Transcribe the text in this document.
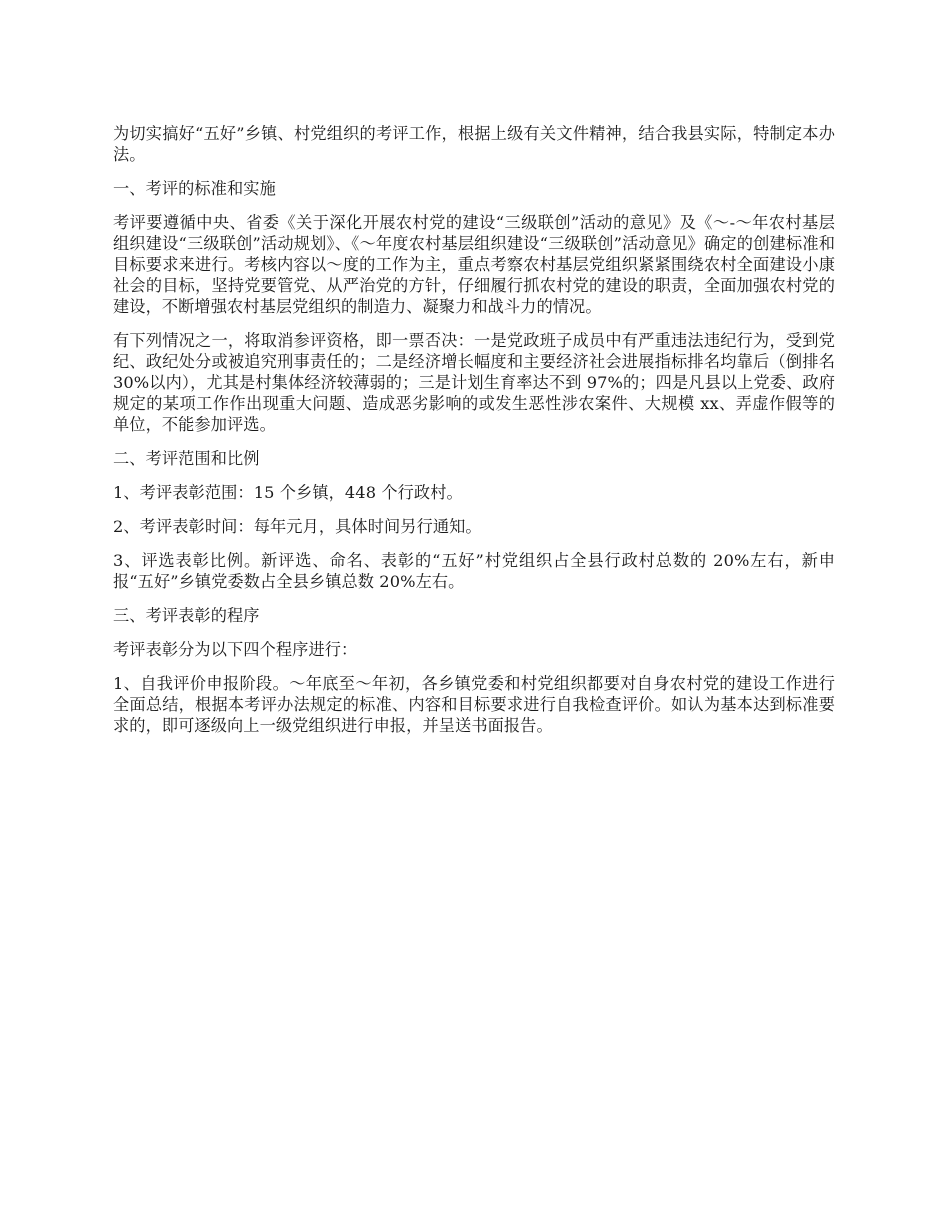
为切实搞好“五好”乡镇、村党组织的考评工作，根据上级有关文件精神，结合我县实际，特制定本办法。

一、考评的标准和实施

考评要遵循中央、省委《关于深化开展农村党的建设“三级联创”活动的意见》及《～-～年农村基层组织建设“三级联创”活动规划》、《～年度农村基层组织建设“三级联创”活动意见》确定的创建标准和目标要求来进行。考核内容以～度的工作为主，重点考察农村基层党组织紧紧围绕农村全面建设小康社会的目标，坚持党要管党、从严治党的方针，仔细履行抓农村党的建设的职责，全面加强农村党的建设，不断增强农村基层党组织的制造力、凝聚力和战斗力的情况。

有下列情况之一，将取消参评资格，即一票否决：一是党政班子成员中有严重违法违纪行为，受到党纪、政纪处分或被追究刑事责任的；二是经济增长幅度和主要经济社会进展指标排名均靠后（倒排名 30%以内），尤其是村集体经济较薄弱的；三是计划生育率达不到 97%的；四是凡县以上党委、政府规定的某项工作作出现重大问题、造成恶劣影响的或发生恶性涉农案件、大规模 xx、弄虚作假等的单位，不能参加评选。

二、考评范围和比例

1、考评表彰范围：15 个乡镇，448 个行政村。

2、考评表彰时间：每年元月，具体时间另行通知。

3、评选表彰比例。新评选、命名、表彰的“五好”村党组织占全县行政村总数的 20%左右，新申报“五好”乡镇党委数占全县乡镇总数 20%左右。

三、考评表彰的程序

考评表彰分为以下四个程序进行：

1、自我评价申报阶段。～年底至～年初，各乡镇党委和村党组织都要对自身农村党的建设工作进行全面总结，根据本考评办法规定的标准、内容和目标要求进行自我检查评价。如认为基本达到标准要求的，即可逐级向上一级党组织进行申报，并呈送书面报告。
